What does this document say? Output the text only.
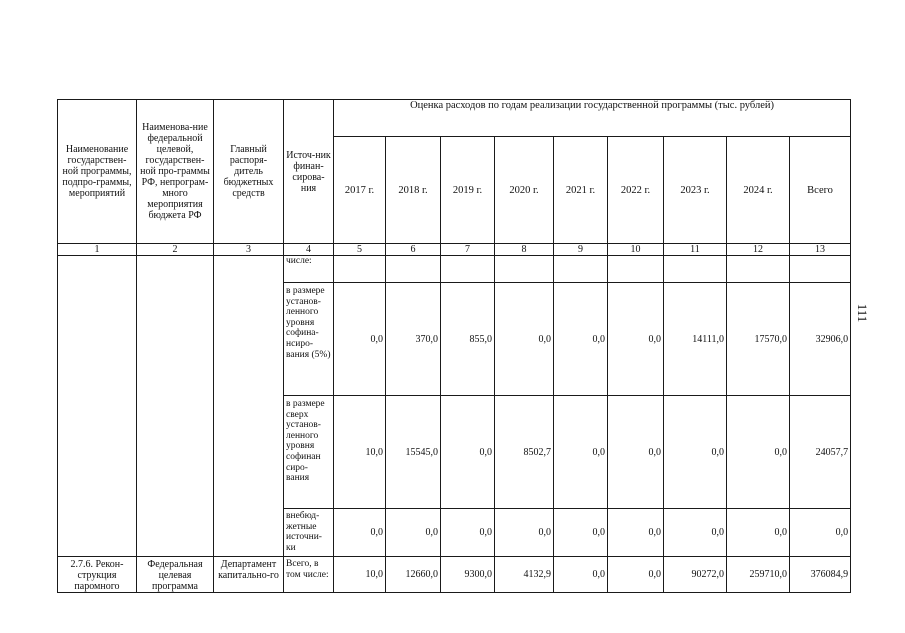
Наименование государствен-ной программы, подпро-граммы, мероприятий	Наименова-ние федеральной целевой, государствен-ной про-граммы РФ, непрограм-много мероприятия бюджета РФ	Главный распоря-дитель бюджетных средств	Источ-ник финан-сирова-ния	Оценка расходов по годам реализации государственной программы (тыс. рублей)								
				2017 г.	2018 г.	2019 г.	2020 г.	2021 г.	2022 г.	2023 г.	2024 г.	Всего
1	2	3	4	5	6	7	8	9	10	11	12	13
			числе:									
			в размере установ-ленного уровня софина-нсиро-вания (5%)	0,0	370,0	855,0	0,0	0,0	0,0	14111,0	17570,0	32906,0
			в размере сверх установ-ленного уровня софинан сиро-вания	10,0	15545,0	0,0	8502,7	0,0	0,0	0,0	0,0	24057,7
			внебюд-жетные источни-ки	0,0	0,0	0,0	0,0	0,0	0,0	0,0	0,0	0,0
2.7.6. Рекон-струкция паромного	Федеральная целевая программа	Департамент капитально-го	Всего, в том числе:	10,0	12660,0	9300,0	4132,9	0,0	0,0	90272,0	259710,0	376084,9
111
